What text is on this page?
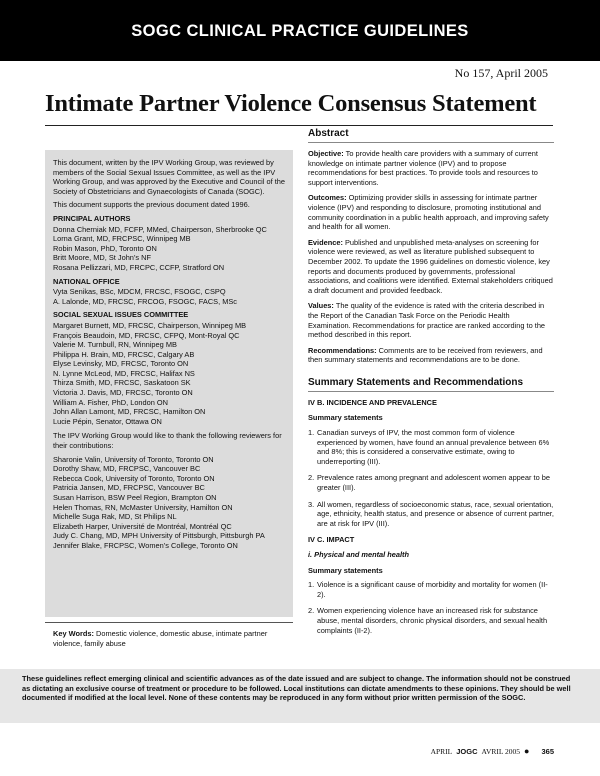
SOGC CLINICAL PRACTICE GUIDELINES
No 157, April 2005
Intimate Partner Violence Consensus Statement

This document, written by the IPV Working Group, was reviewed by members of the Social Sexual Issues Committee, as well as the IPV Working Group, and was approved by the Executive and Council of the Society of Obstetricians and Gynaecologists of Canada (SOGC).

This document supports the previous document dated 1996.

PRINCIPAL AUTHORS
Donna Cherniak MD, FCFP, MMed, Chairperson, Sherbrooke QC
Lorna Grant, MD, FRCPSC, Winnipeg MB
Robin Mason, PhD, Toronto ON
Britt Moore, MD, St John’s NF
Rosana Pellizzari, MD, FRCPC, CCFP, Stratford ON
NATIONAL OFFICE
Vyta Senikas, BSc, MDCM, FRCSC, FSOGC, CSPQ
A. Lalonde, MD, FRCSC, FRCOG, FSOGC, FACS, MSc
SOCIAL SEXUAL ISSUES COMMITTEE
Margaret Burnett, MD, FRCSC, Chairperson, Winnipeg MB
François Beaudoin, MD, FRCSC, CFPQ, Mont-Royal QC
Valerie M. Turnbull, RN, Winnipeg MB
Philippa H. Brain, MD, FRCSC, Calgary AB
Elyse Levinsky, MD, FRCSC, Toronto ON
N. Lynne McLeod, MD, FRCSC, Halifax NS
Thirza Smith, MD, FRCSC, Saskatoon SK
Victoria J. Davis, MD, FRCSC, Toronto ON
William A. Fisher, PhD, London ON
John Allan Lamont, MD, FRCSC, Hamilton ON
Lucie Pépin, Senator, Ottawa ON

The IPV Working Group would like to thank the following reviewers for their contributions:

Sharonie Valin, University of Toronto, Toronto ON
Dorothy Shaw, MD, FRCPSC, Vancouver BC
Rebecca Cook, University of Toronto, Toronto ON
Patricia Jansen, MD, FRCPSC, Vancouver BC
Susan Harrison, BSW Peel Region, Brampton ON
Helen Thomas, RN, McMaster University, Hamilton ON
Michelle Suga Rak, MD, St Philips NL
Elizabeth Harper, Université de Montréal, Montréal QC
Judy C. Chang, MD, MPH University of Pittsburgh, Pittsburgh PA
Jennifer Blake, FRCPSC, Women’s College, Toronto ON
Key Words: Domestic violence, domestic abuse, intimate partner violence, family abuse
Abstract
Objective: To provide health care providers with a summary of current knowledge on intimate partner violence (IPV) and to propose recommendations for best practices. To provide tools and resources to support interventions.
Outcomes: Optimizing provider skills in assessing for intimate partner violence (IPV) and responding to disclosure, promoting institutional and community coordination in a public health approach, and improving safety and health for all women.
Evidence: Published and unpublished meta-analyses on screening for violence were reviewed, as well as literature published subsequent to December 2002. To update the 1996 guidelines on domestic violence, key reports and documents produced by governments, professional associations, and coalitions were identified. External stakeholders critiqued a draft document and provided feedback.
Values: The quality of the evidence is rated with the criteria described in the Report of the Canadian Task Force on the Periodic Health Examination. Recommendations for practice are ranked according to the method described in this report.
Recommendations: Comments are to be received from reviewers, and then summary statements and recommendations are to be done.
Summary Statements and Recommendations
IV B. INCIDENCE AND PREVALENCE
Summary statements
1. Canadian surveys of IPV, the most common form of violence experienced by women, have found an annual prevalence between 6% and 8%; this is considered a conservative estimate, owing to underreporting (III).
2. Prevalence rates among pregnant and adolescent women appear to be greater (III).
3. All women, regardless of socioeconomic status, race, sexual orientation, age, ethnicity, health status, and presence or absence of current partner, are at risk for IPV (III).
IV C. IMPACT
i. Physical and mental health
Summary statements
1. Violence is a significant cause of morbidity and mortality for women (II-2).
2. Women experiencing violence have an increased risk for substance abuse, mental disorders, chronic physical disorders, and sexual health complaints (II-2).
These guidelines reflect emerging clinical and scientific advances as of the date issued and are subject to change. The information should not be construed as dictating an exclusive course of treatment or procedure to be followed. Local institutions can dictate amendments to these opinions. They should be well documented if modified at the local level. None of these contents may be reproduced in any form without prior written permission of the SOGC.
APRIL JOGC AVRIL 2005 ● 365
